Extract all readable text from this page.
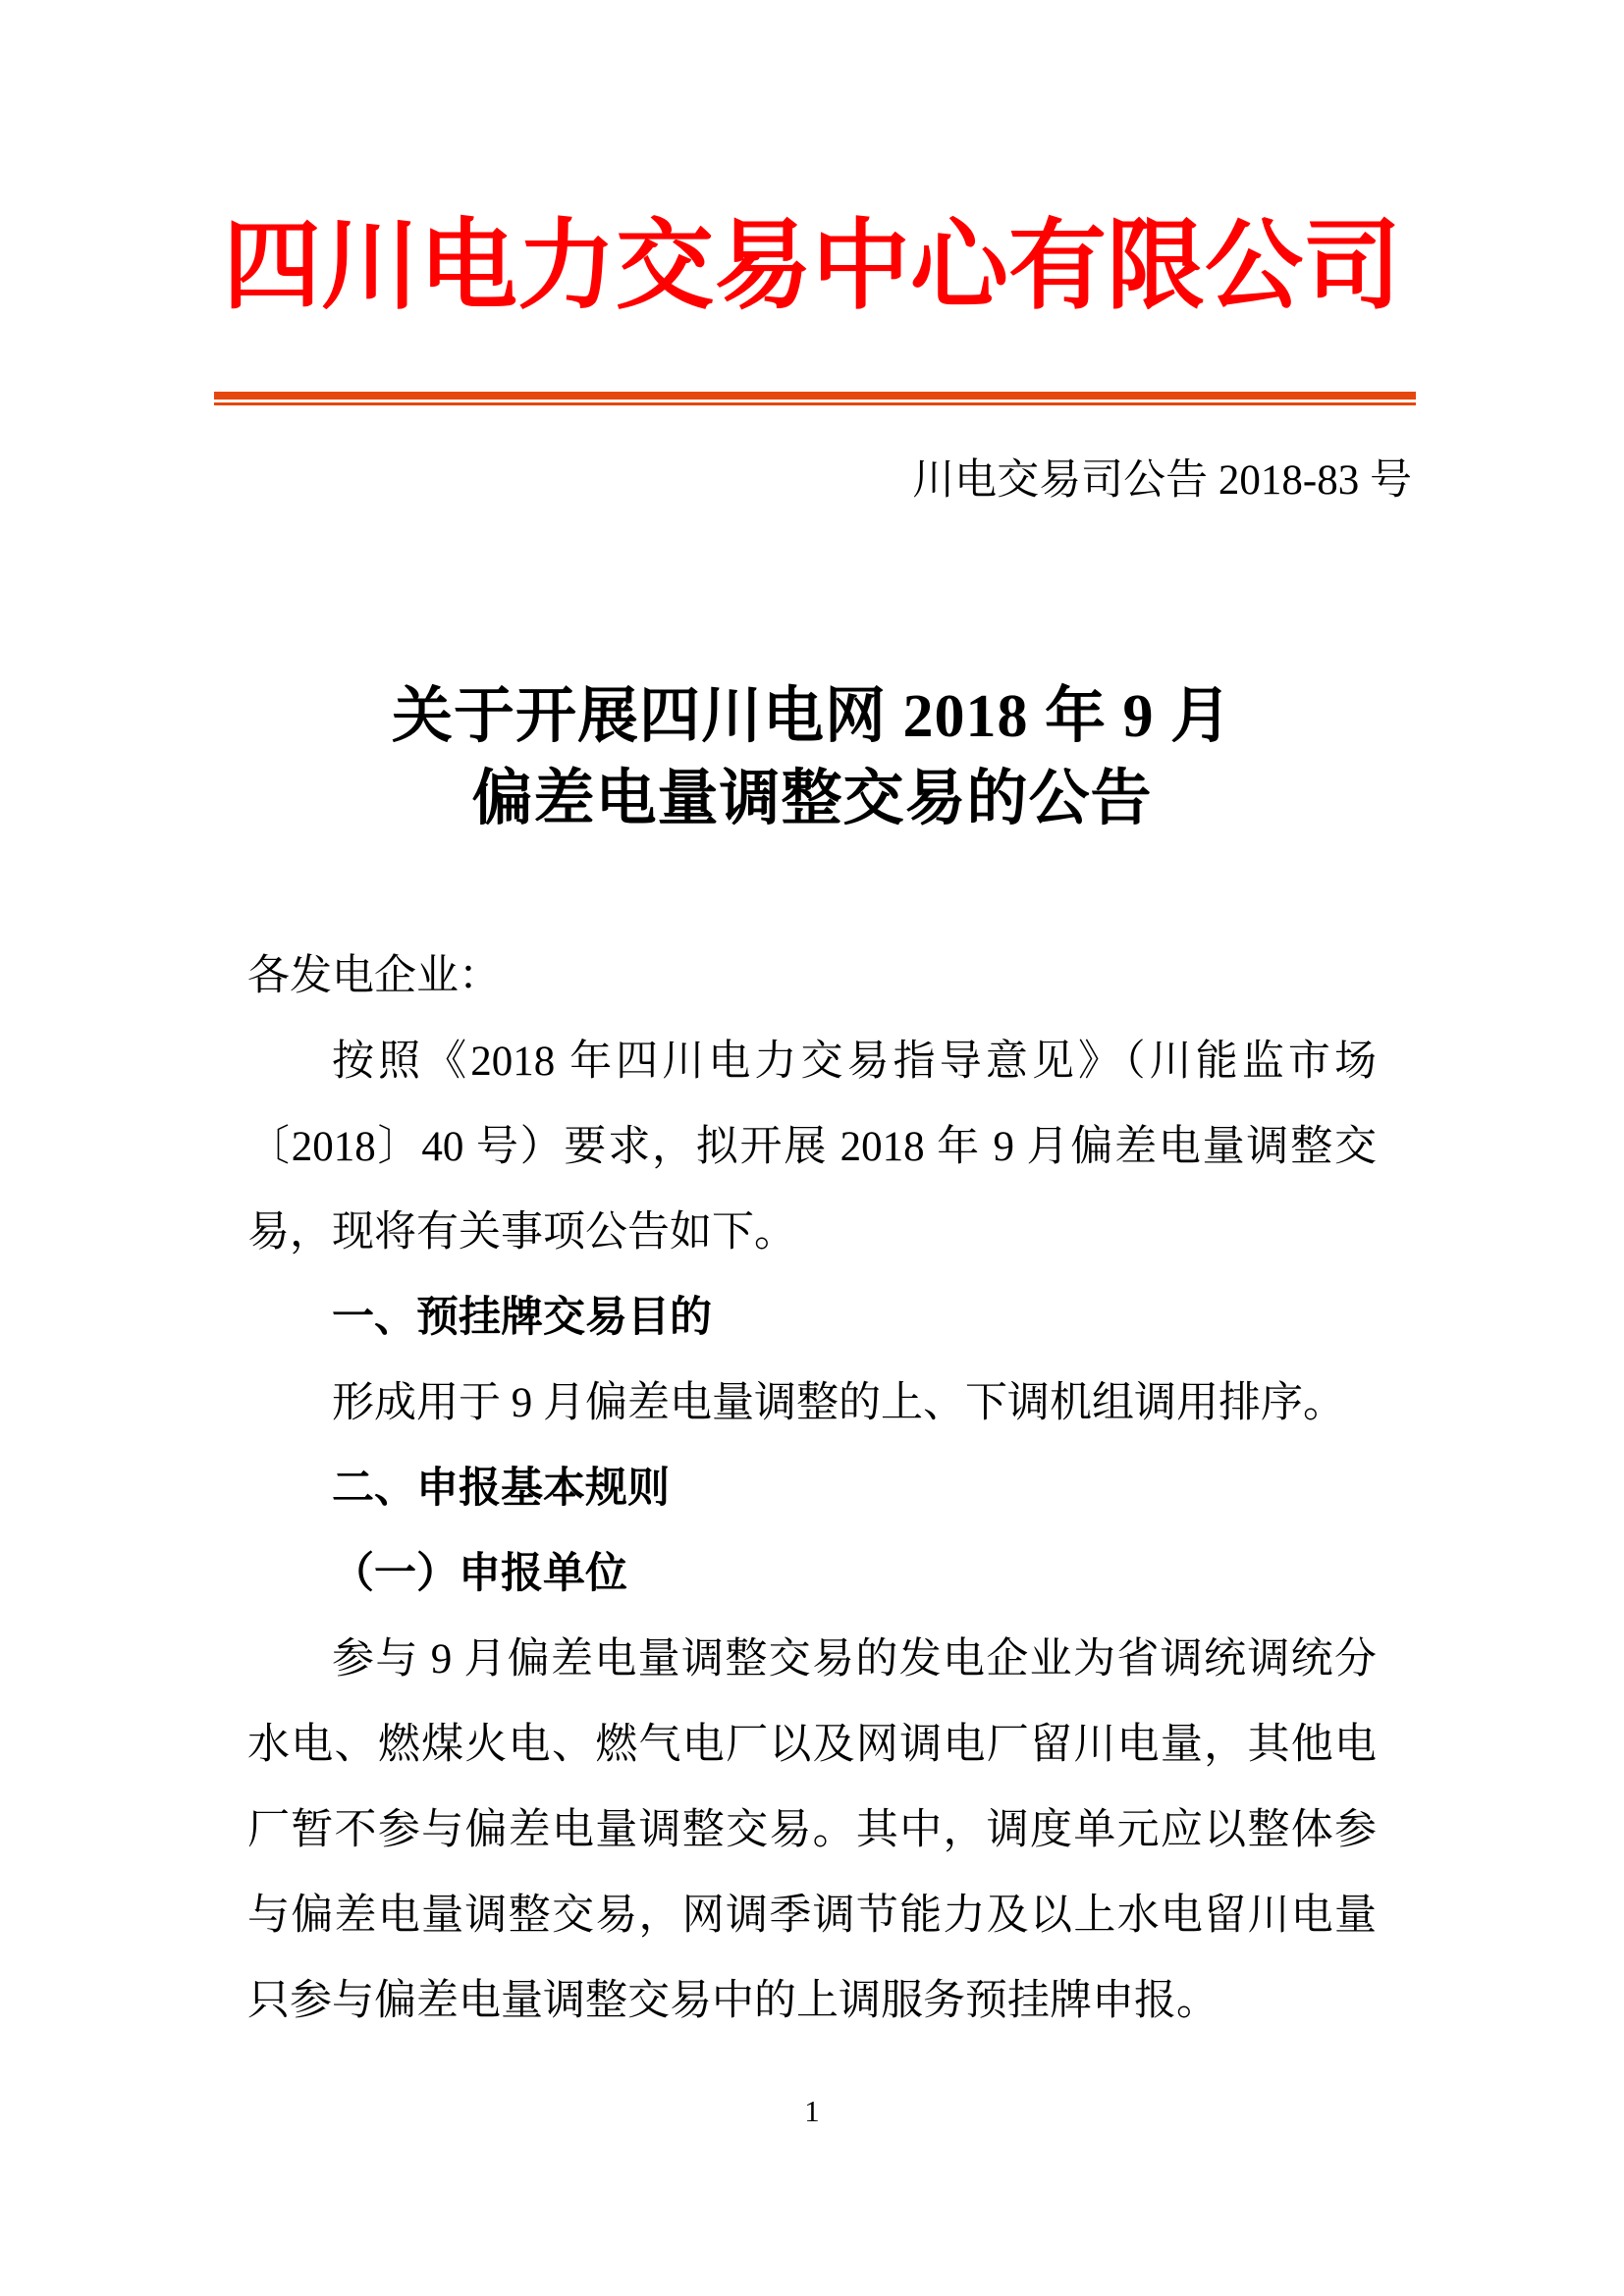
四川电力交易中心有限公司
川电交易司公告 2018-83 号
关于开展四川电网 2018 年 9 月
偏差电量调整交易的公告
各发电企业：
按照《2018 年四川电力交易指导意见》（川能监市场
〔2018〕40 号）要求，拟开展 2018 年 9 月偏差电量调整交
易，现将有关事项公告如下。
一、预挂牌交易目的
形成用于 9 月偏差电量调整的上、下调机组调用排序。
二、申报基本规则
（一）申报单位
参与 9 月偏差电量调整交易的发电企业为省调统调统分
水电、燃煤火电、燃气电厂以及网调电厂留川电量，其他电
厂暂不参与偏差电量调整交易。其中，调度单元应以整体参
与偏差电量调整交易，网调季调节能力及以上水电留川电量
只参与偏差电量调整交易中的上调服务预挂牌申报。
1
